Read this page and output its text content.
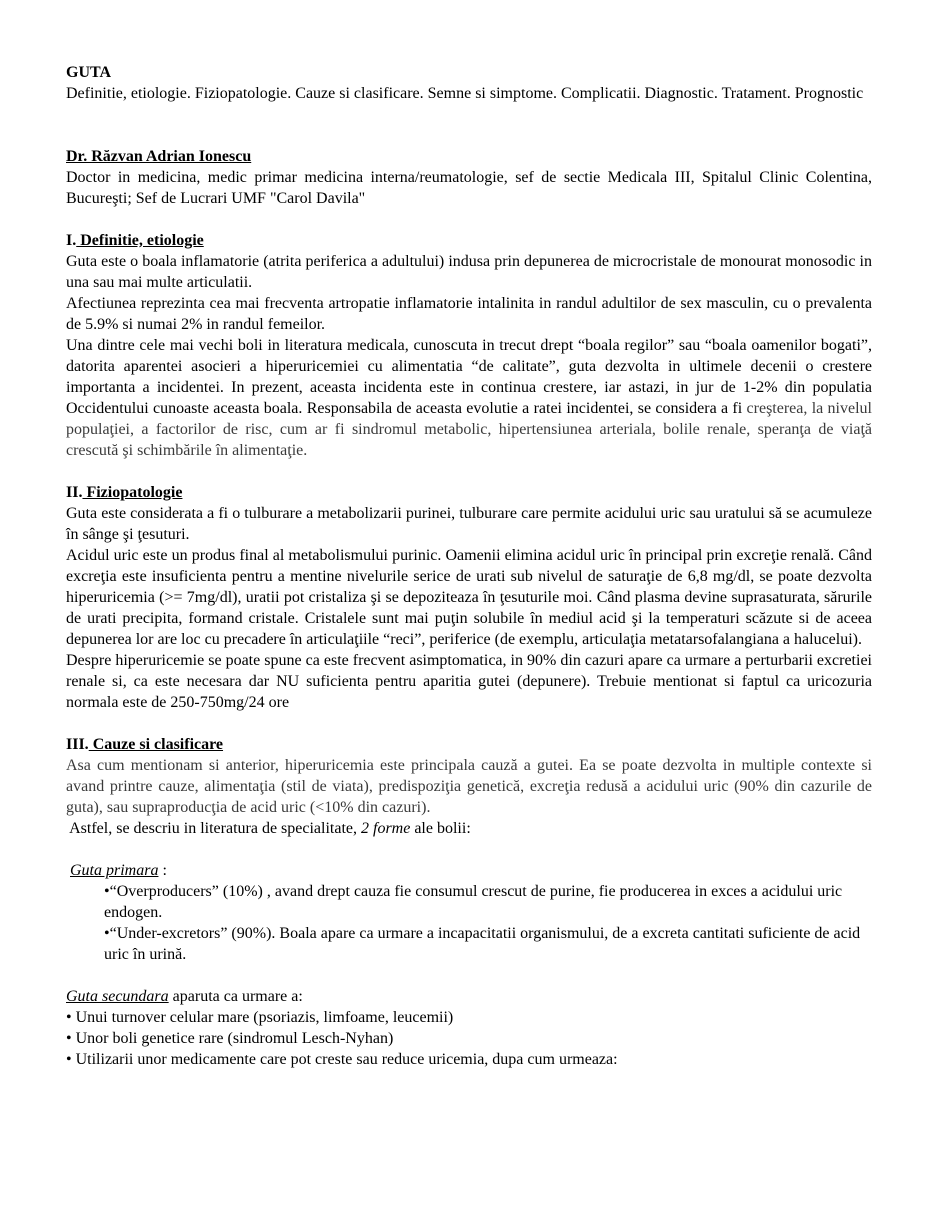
GUTA

Definitie, etiologie. Fiziopatologie. Cauze si clasificare. Semne si simptome. Complicatii. Diagnostic. Tratament. Prognostic

Dr. Răzvan Adrian Ionescu

Doctor in medicina, medic primar medicina interna/reumatologie, sef de sectie Medicala III, Spitalul Clinic Colentina, Bucureşti; Sef de Lucrari UMF "Carol Davila"

I. Definitie, etiologie

Guta este o boala inflamatorie (atrita periferica a adultului) indusa prin depunerea de microcristale de monourat monosodic in una sau mai multe articulatii.

Afectiunea reprezinta cea mai frecventa artropatie inflamatorie intalinita in randul adultilor de sex masculin, cu o prevalenta de 5.9% si numai 2% in randul femeilor.

Una dintre cele mai vechi boli in literatura medicala, cunoscuta in trecut drept “boala regilor” sau “boala oamenilor bogati”, datorita aparentei asocieri a hiperuricemiei cu alimentatia “de calitate”, guta dezvolta in ultimele decenii o crestere importanta a incidentei. In prezent, aceasta incidenta este in continua crestere, iar astazi, in jur de 1-2% din populatia Occidentului cunoaste aceasta boala. Responsabila de aceasta evolutie a ratei incidentei, se considera a fi creşterea, la nivelul populaţiei, a factorilor de risc, cum ar fi sindromul metabolic, hipertensiunea arteriala, bolile renale, speranţa de viaţă crescută şi schimbările în alimentaţie.

II. Fiziopatologie

Guta este considerata a fi o tulburare a metabolizarii purinei, tulburare care permite acidului uric sau uratului să se acumuleze în sânge şi ţesuturi.

Acidul uric este un produs final al metabolismului purinic. Oamenii elimina acidul uric în principal prin excreţie renală. Când excreţia este insuficienta pentru a mentine nivelurile serice de urati sub nivelul de saturaţie de 6,8 mg/dl, se poate dezvolta hiperuricemia (>= 7mg/dl), uratii pot cristaliza şi se depoziteaza în ţesuturile moi. Când plasma devine suprasaturata, sărurile de urati precipita, formand cristale. Cristalele sunt mai puţin solubile în mediul acid şi la temperaturi scăzute si de aceea depunerea lor are loc cu precadere în articulaţiile “reci”, periferice (de exemplu, articulaţia metatarsofalangiana a halucelui).

Despre hiperuricemie se poate spune ca este frecvent asimptomatica, in 90% din cazuri apare ca urmare a perturbarii excretiei renale si, ca este necesara dar NU suficienta pentru aparitia gutei (depunere). Trebuie mentionat si faptul ca uricozuria normala este de 250-750mg/24 ore

III. Cauze si clasificare

Asa cum mentionam si anterior, hiperuricemia este principala cauză a gutei. Ea se poate dezvolta in multiple contexte si avand printre cauze, alimentaţia (stil de viata), predispoziţia genetică, excreţia redusă a acidului uric (90% din cazurile de guta), sau supraproducţia de acid uric (<10% din cazuri).

Astfel, se descriu in literatura de specialitate, 2 forme ale bolii:

Guta primara :

•“Overproducers” (10%) , avand drept cauza fie consumul crescut de purine, fie producerea in exces a acidului uric endogen.
•“Under-excretors” (90%). Boala apare ca urmare a incapacitatii organismului, de a excreta cantitati suficiente de acid uric în urină.

Guta secundara aparuta ca urmare a:

• Unui turnover celular mare (psoriazis, limfoame, leucemii)
• Unor boli genetice rare (sindromul Lesch-Nyhan)
• Utilizarii unor medicamente care pot creste sau reduce uricemia, dupa cum urmeaza:
